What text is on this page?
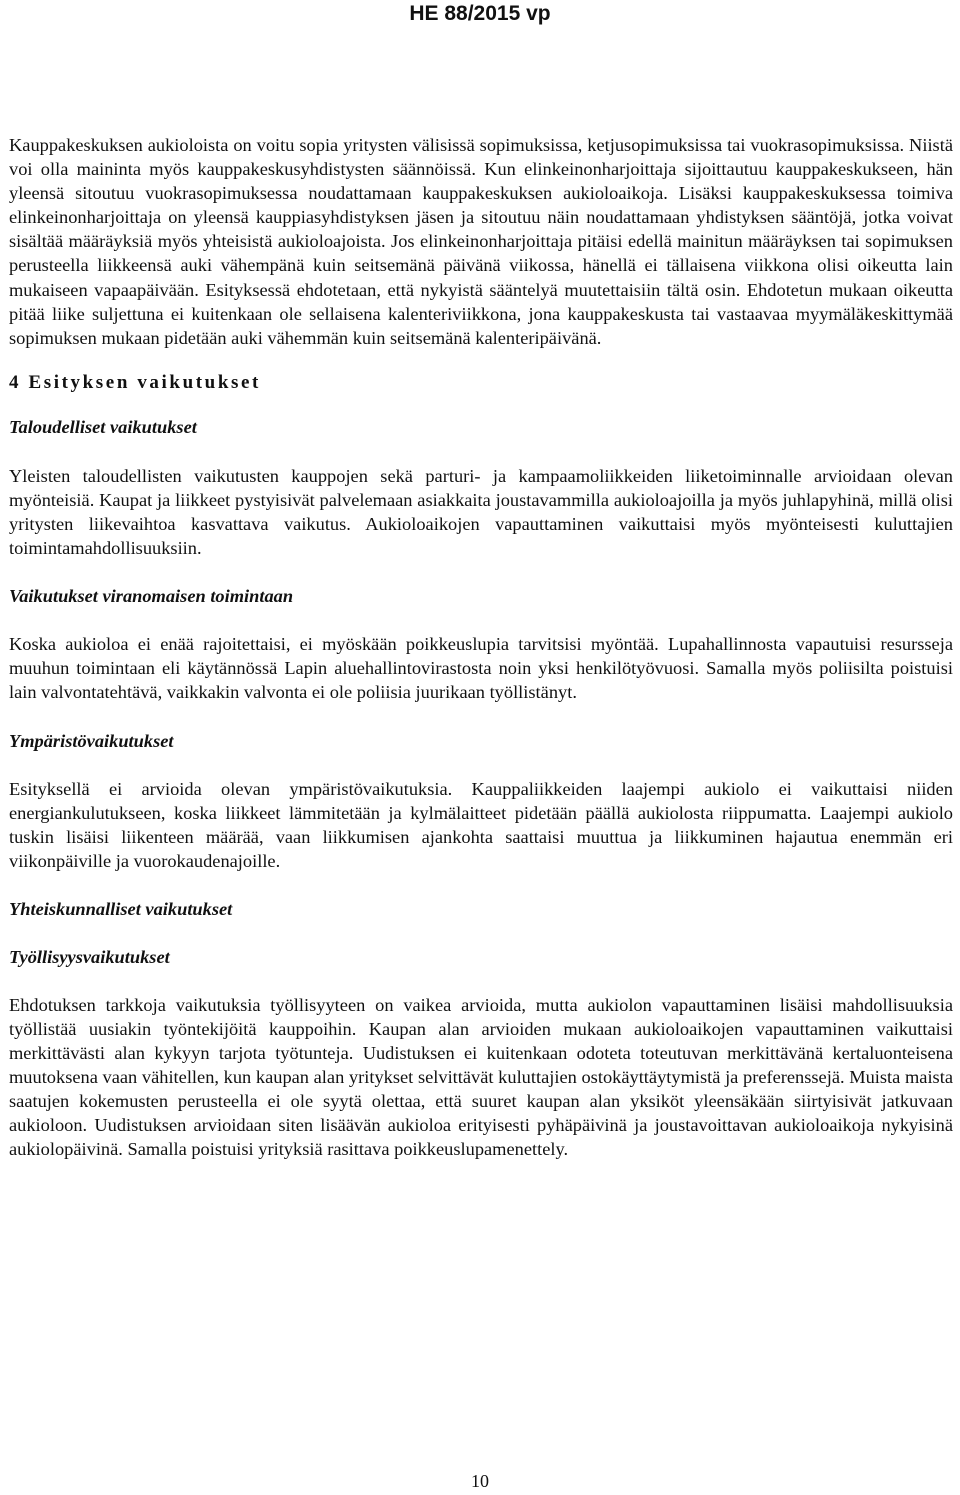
HE 88/2015 vp

Kauppakeskuksen aukioloista on voitu sopia yritysten välisissä sopimuksissa, ketjusopimuksissa tai vuokrasopimuksissa. Niistä voi olla maininta myös kauppakeskusyhdistysten säännöissä. Kun elinkeinonharjoittaja sijoittautuu kauppakeskukseen, hän yleensä sitoutuu vuokrasopimuksessa noudattamaan kauppakeskuksen aukioloaikoja. Lisäksi kauppakeskuksessa toimiva elinkeinonharjoittaja on yleensä kauppiasyhdistyksen jäsen ja sitoutuu näin noudattamaan yhdistyksen sääntöjä, jotka voivat sisältää määräyksiä myös yhteisistä aukioloajoista. Jos elinkeinonharjoittaja pitäisi edellä mainitun määräyksen tai sopimuksen perusteella liikkeensä auki vähempänä kuin seitsemänä päivänä viikossa, hänellä ei tällaisena viikkona olisi oikeutta lain mukaiseen vapaapäivään. Esityksessä ehdotetaan, että nykyistä sääntelyä muutettaisiin tältä osin. Ehdotetun mukaan oikeutta pitää liike suljettuna ei kuitenkaan ole sellaisena kalenteriviikkona, jona kauppakeskusta tai vastaavaa myymäläkeskittymää sopimuksen mukaan pidetään auki vähemmän kuin seitsemänä kalenteripäivänä.

4 Esityksen vaikutukset
Taloudelliset vaikutukset

Yleisten taloudellisten vaikutusten kauppojen sekä parturi- ja kampaamoliikkeiden liiketoiminnalle arvioidaan olevan myönteisiä. Kaupat ja liikkeet pystyisivät palvelemaan asiakkaita joustavammilla aukioloajoilla ja myös juhlapyhinä, millä olisi yritysten liikevaihtoa kasvattava vaikutus. Aukioloaikojen vapauttaminen vaikuttaisi myös myönteisesti kuluttajien toimintamahdollisuuksiin.

Vaikutukset viranomaisen toimintaan

Koska aukioloa ei enää rajoitettaisi, ei myöskään poikkeuslupia tarvitsisi myöntää. Lupahallinnosta vapautuisi resursseja muuhun toimintaan eli käytännössä Lapin aluehallintovirastosta noin yksi henkilötyövuosi. Samalla myös poliisilta poistuisi lain valvontatehtävä, vaikkakin valvonta ei ole poliisia juurikaan työllistänyt.

Ympäristövaikutukset

Esityksellä ei arvioida olevan ympäristövaikutuksia. Kauppaliikkeiden laajempi aukiolo ei vaikuttaisi niiden energiankulutukseen, koska liikkeet lämmitetään ja kylmälaitteet pidetään päällä aukiolosta riippumatta. Laajempi aukiolo tuskin lisäisi liikenteen määrää, vaan liikkumisen ajankohta saattaisi muuttua ja liikkuminen hajautua enemmän eri viikonpäiville ja vuorokaudenajoille.

Yhteiskunnalliset vaikutukset
Työllisyysvaikutukset

Ehdotuksen tarkkoja vaikutuksia työllisyyteen on vaikea arvioida, mutta aukiolon vapauttaminen lisäisi mahdollisuuksia työllistää uusiakin työntekijöitä kauppoihin. Kaupan alan arvioiden mukaan aukioloaikojen vapauttaminen vaikuttaisi merkittävästi alan kykyyn tarjota työtunteja. Uudistuksen ei kuitenkaan odoteta toteutuvan merkittävänä kertaluonteisena muutoksena vaan vähitellen, kun kaupan alan yritykset selvittävät kuluttajien ostokäyttäytymistä ja preferenssejä. Muista maista saatujen kokemusten perusteella ei ole syytä olettaa, että suuret kaupan alan yksiköt yleensäkään siirtyisivät jatkuvaan aukioloon. Uudistuksen arvioidaan siten lisäävän aukioloa erityisesti pyhäpäivinä ja joustavoittavan aukioloaikoja nykyisinä aukiolopäivinä. Samalla poistuisi yrityksiä rasittava poikkeuslupamenettely.

10
